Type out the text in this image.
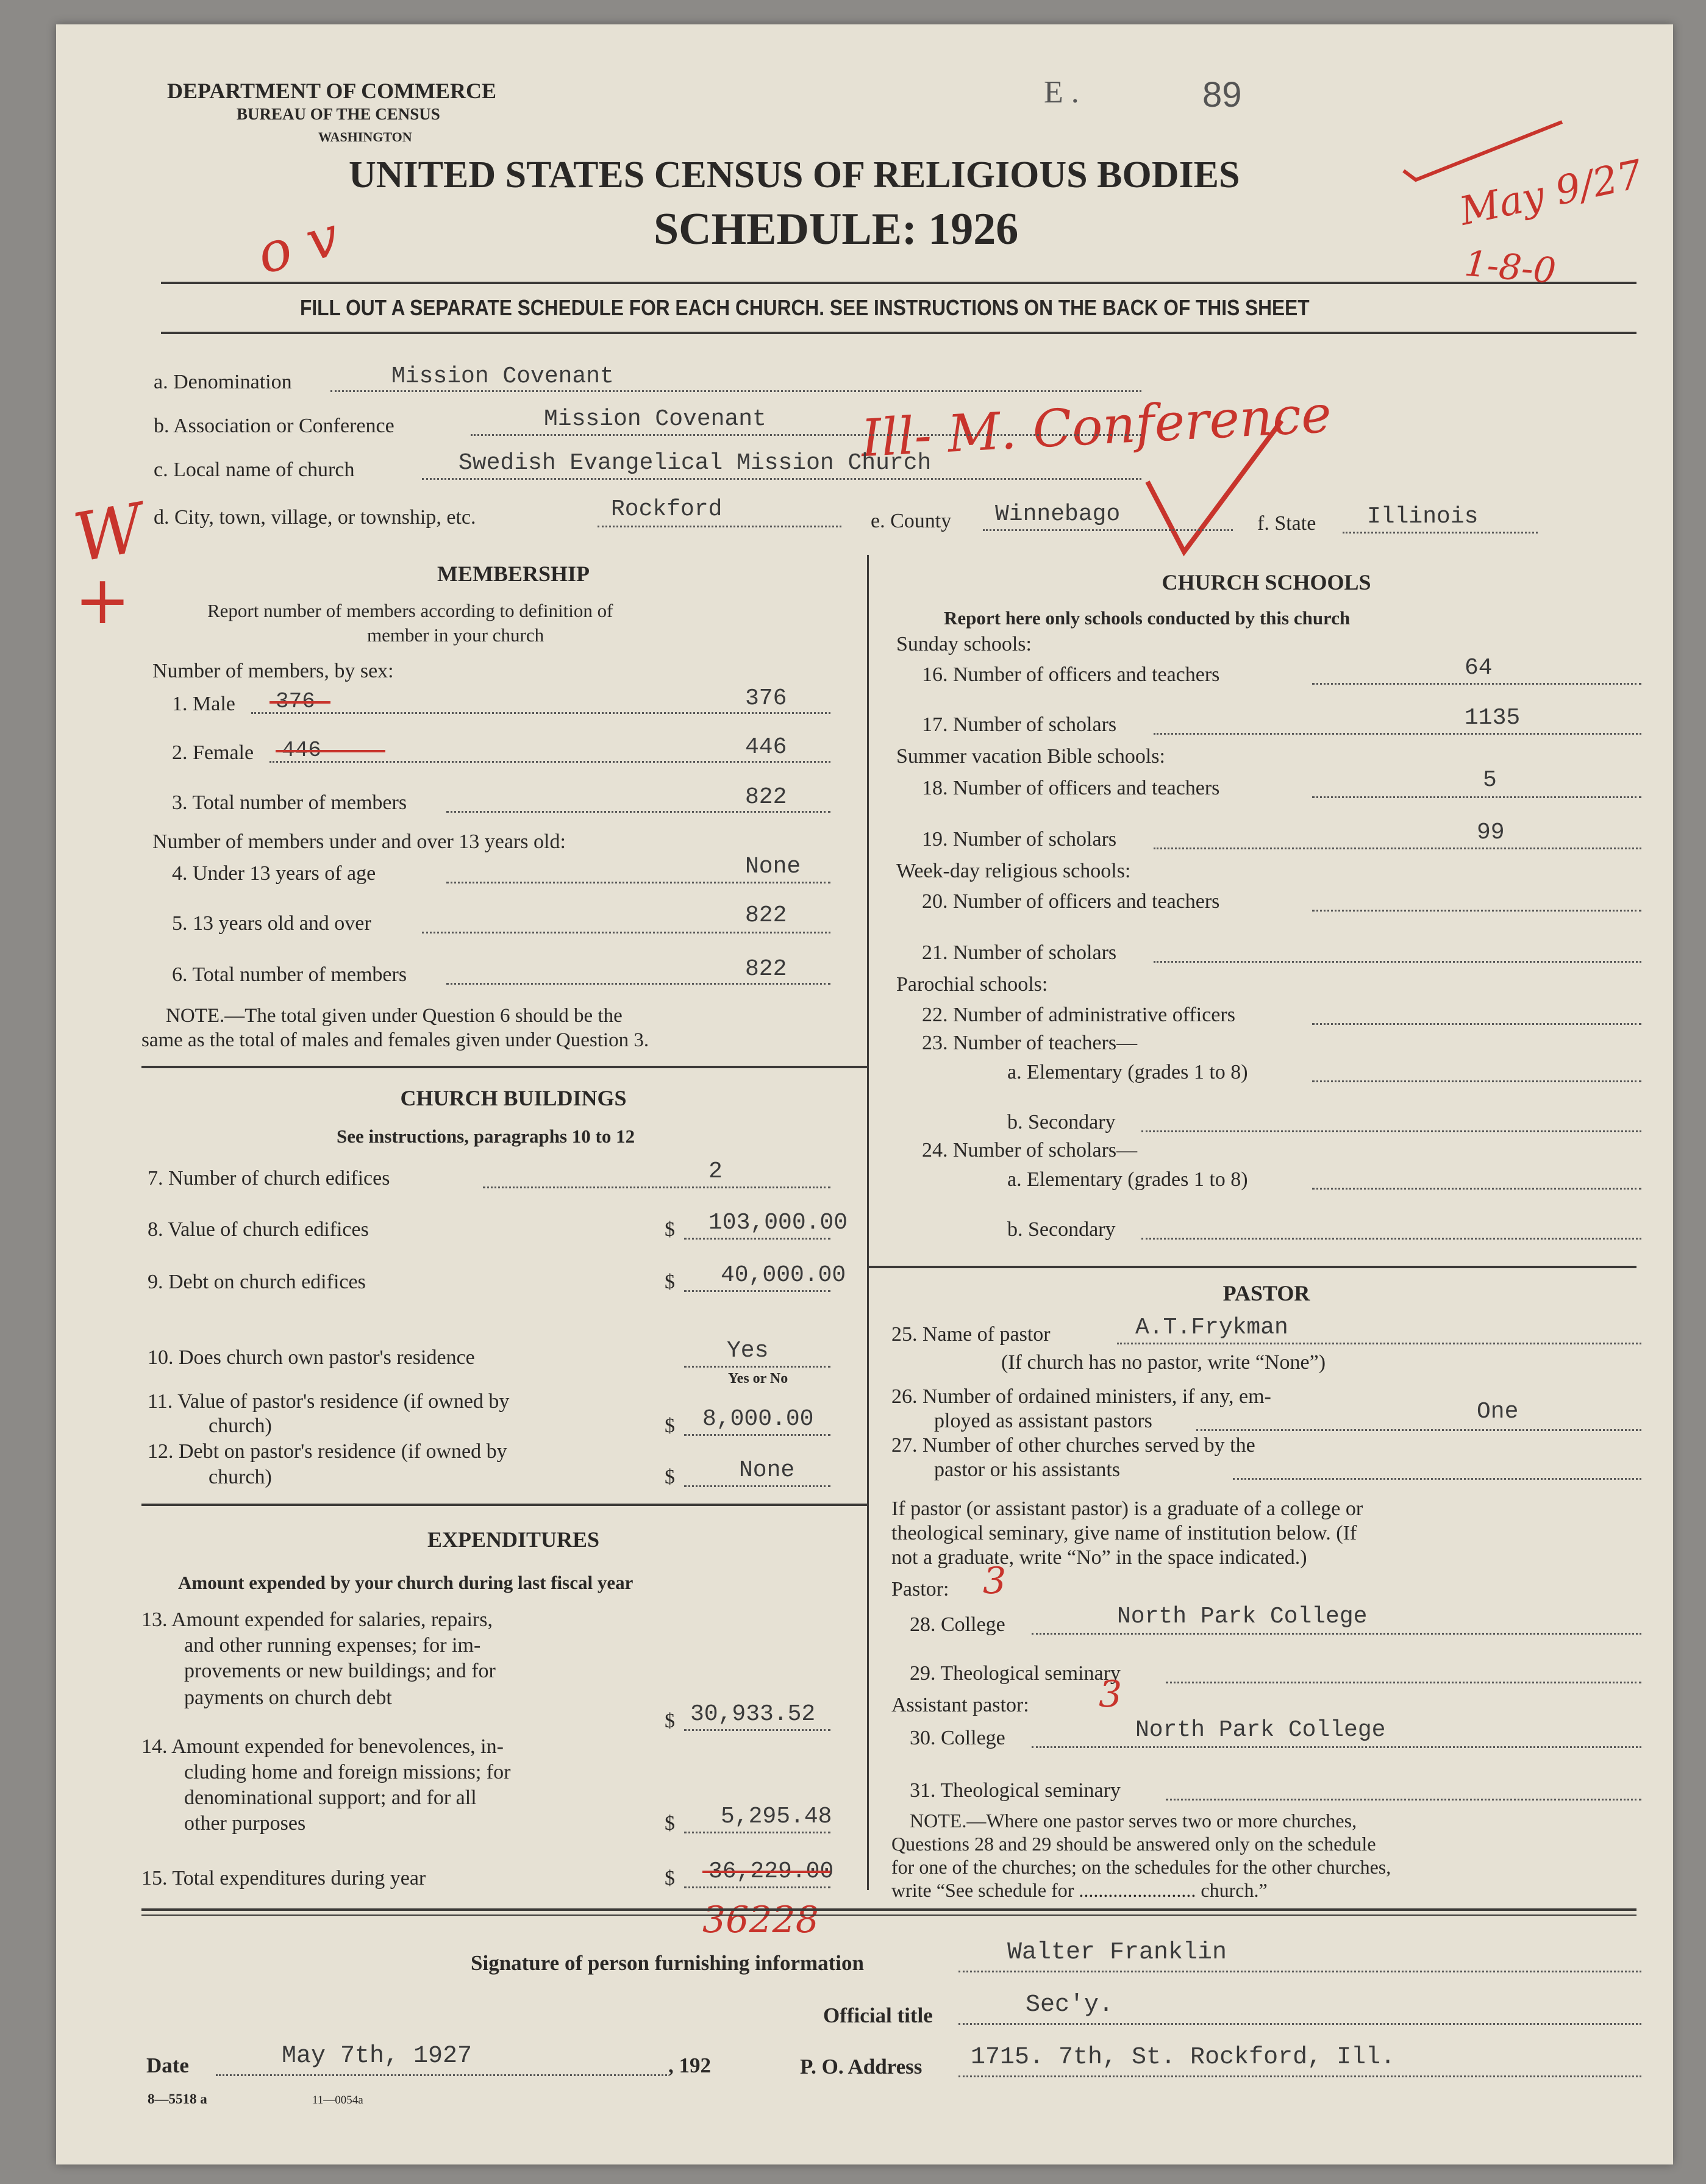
DEPARTMENT OF COMMERCE
BUREAU OF THE CENSUS
WASHINGTON
E .	89
UNITED STATES CENSUS OF RELIGIOUS BODIES
SCHEDULE: 1926
FILL OUT A SEPARATE SCHEDULE FOR EACH CHURCH. SEE INSTRUCTIONS ON THE BACK OF THIS SHEET
May 9/27
1-8-0
o v
W
+
Ill- M. Conference
a. Denomination	Mission Covenant
b. Association or Conference	Mission Covenant
c. Local name of church	Swedish Evangelical Mission Church
d. City, town, village, or township, etc.	Rockford	e. County Winnebago	f. State Illinois
MEMBERSHIP
Report number of members according to definition of
member in your church
Number of members, by sex:
1. Male 376	376
2. Female 446	446
3. Total number of members	822
Number of members under and over 13 years old:
4. Under 13 years of age	None
5. 13 years old and over	822
6. Total number of members	822
NOTE.—The total given under Question 6 should be the
same as the total of males and females given under Question 3.
CHURCH BUILDINGS
See instructions, paragraphs 10 to 12
7. Number of church edifices	2
8. Value of church edifices	$ 103,000.00
9. Debt on church edifices	$ 40,000.00
10. Does church own pastor's residence	Yes
Yes or No
11. Value of pastor's residence (if owned by
church)	$ 8,000.00
12. Debt on pastor's residence (if owned by
church)	$	None
EXPENDITURES
Amount expended by your church during last fiscal year
13. Amount expended for salaries, repairs,
and other running expenses; for im-
provements or new buildings; and for
payments on church debt
$ 30,933.52
14. Amount expended for benevolences, in-
cluding home and foreign missions; for
denominational support; and for all
other purposes	$ 5,295.48
15. Total expenditures during year	$ 36,229.00
36228
CHURCH SCHOOLS
Report here only schools conducted by this church
Sunday schools:
16. Number of officers and teachers	64
17. Number of scholars	1135
Summer vacation Bible schools:
18. Number of officers and teachers	5
19. Number of scholars	99
Week-day religious schools:
20. Number of officers and teachers
21. Number of scholars
Parochial schools:
22. Number of administrative officers
23. Number of teachers—
a. Elementary (grades 1 to 8)
b. Secondary
24. Number of scholars—
a. Elementary (grades 1 to 8)
b. Secondary
PASTOR
25. Name of pastor	A.T.Frykman
(If church has no pastor, write “None”)
26. Number of ordained ministers, if any, em-
ployed as assistant pastors	One
27. Number of other churches served by the
pastor or his assistants
If pastor (or assistant pastor) is a graduate of a college or
theological seminary, give name of institution below. (If
not a graduate, write “No” in the space indicated.)
Pastor: 3
28. College	North Park College
29. Theological seminary
Assistant pastor: 3
30. College	North Park College
31. Theological seminary
NOTE.—Where one pastor serves two or more churches,
Questions 28 and 29 should be answered only on the schedule
for one of the churches; on the schedules for the other churches,
write “See schedule for ........................ church.”
Signature of person furnishing information	Walter Franklin
Official title	Sec'y.
Date	May 7th, 1927	, 192	P. O. Address 1715. 7th, St. Rockford, Ill.
8—5518 a	11—0054a
